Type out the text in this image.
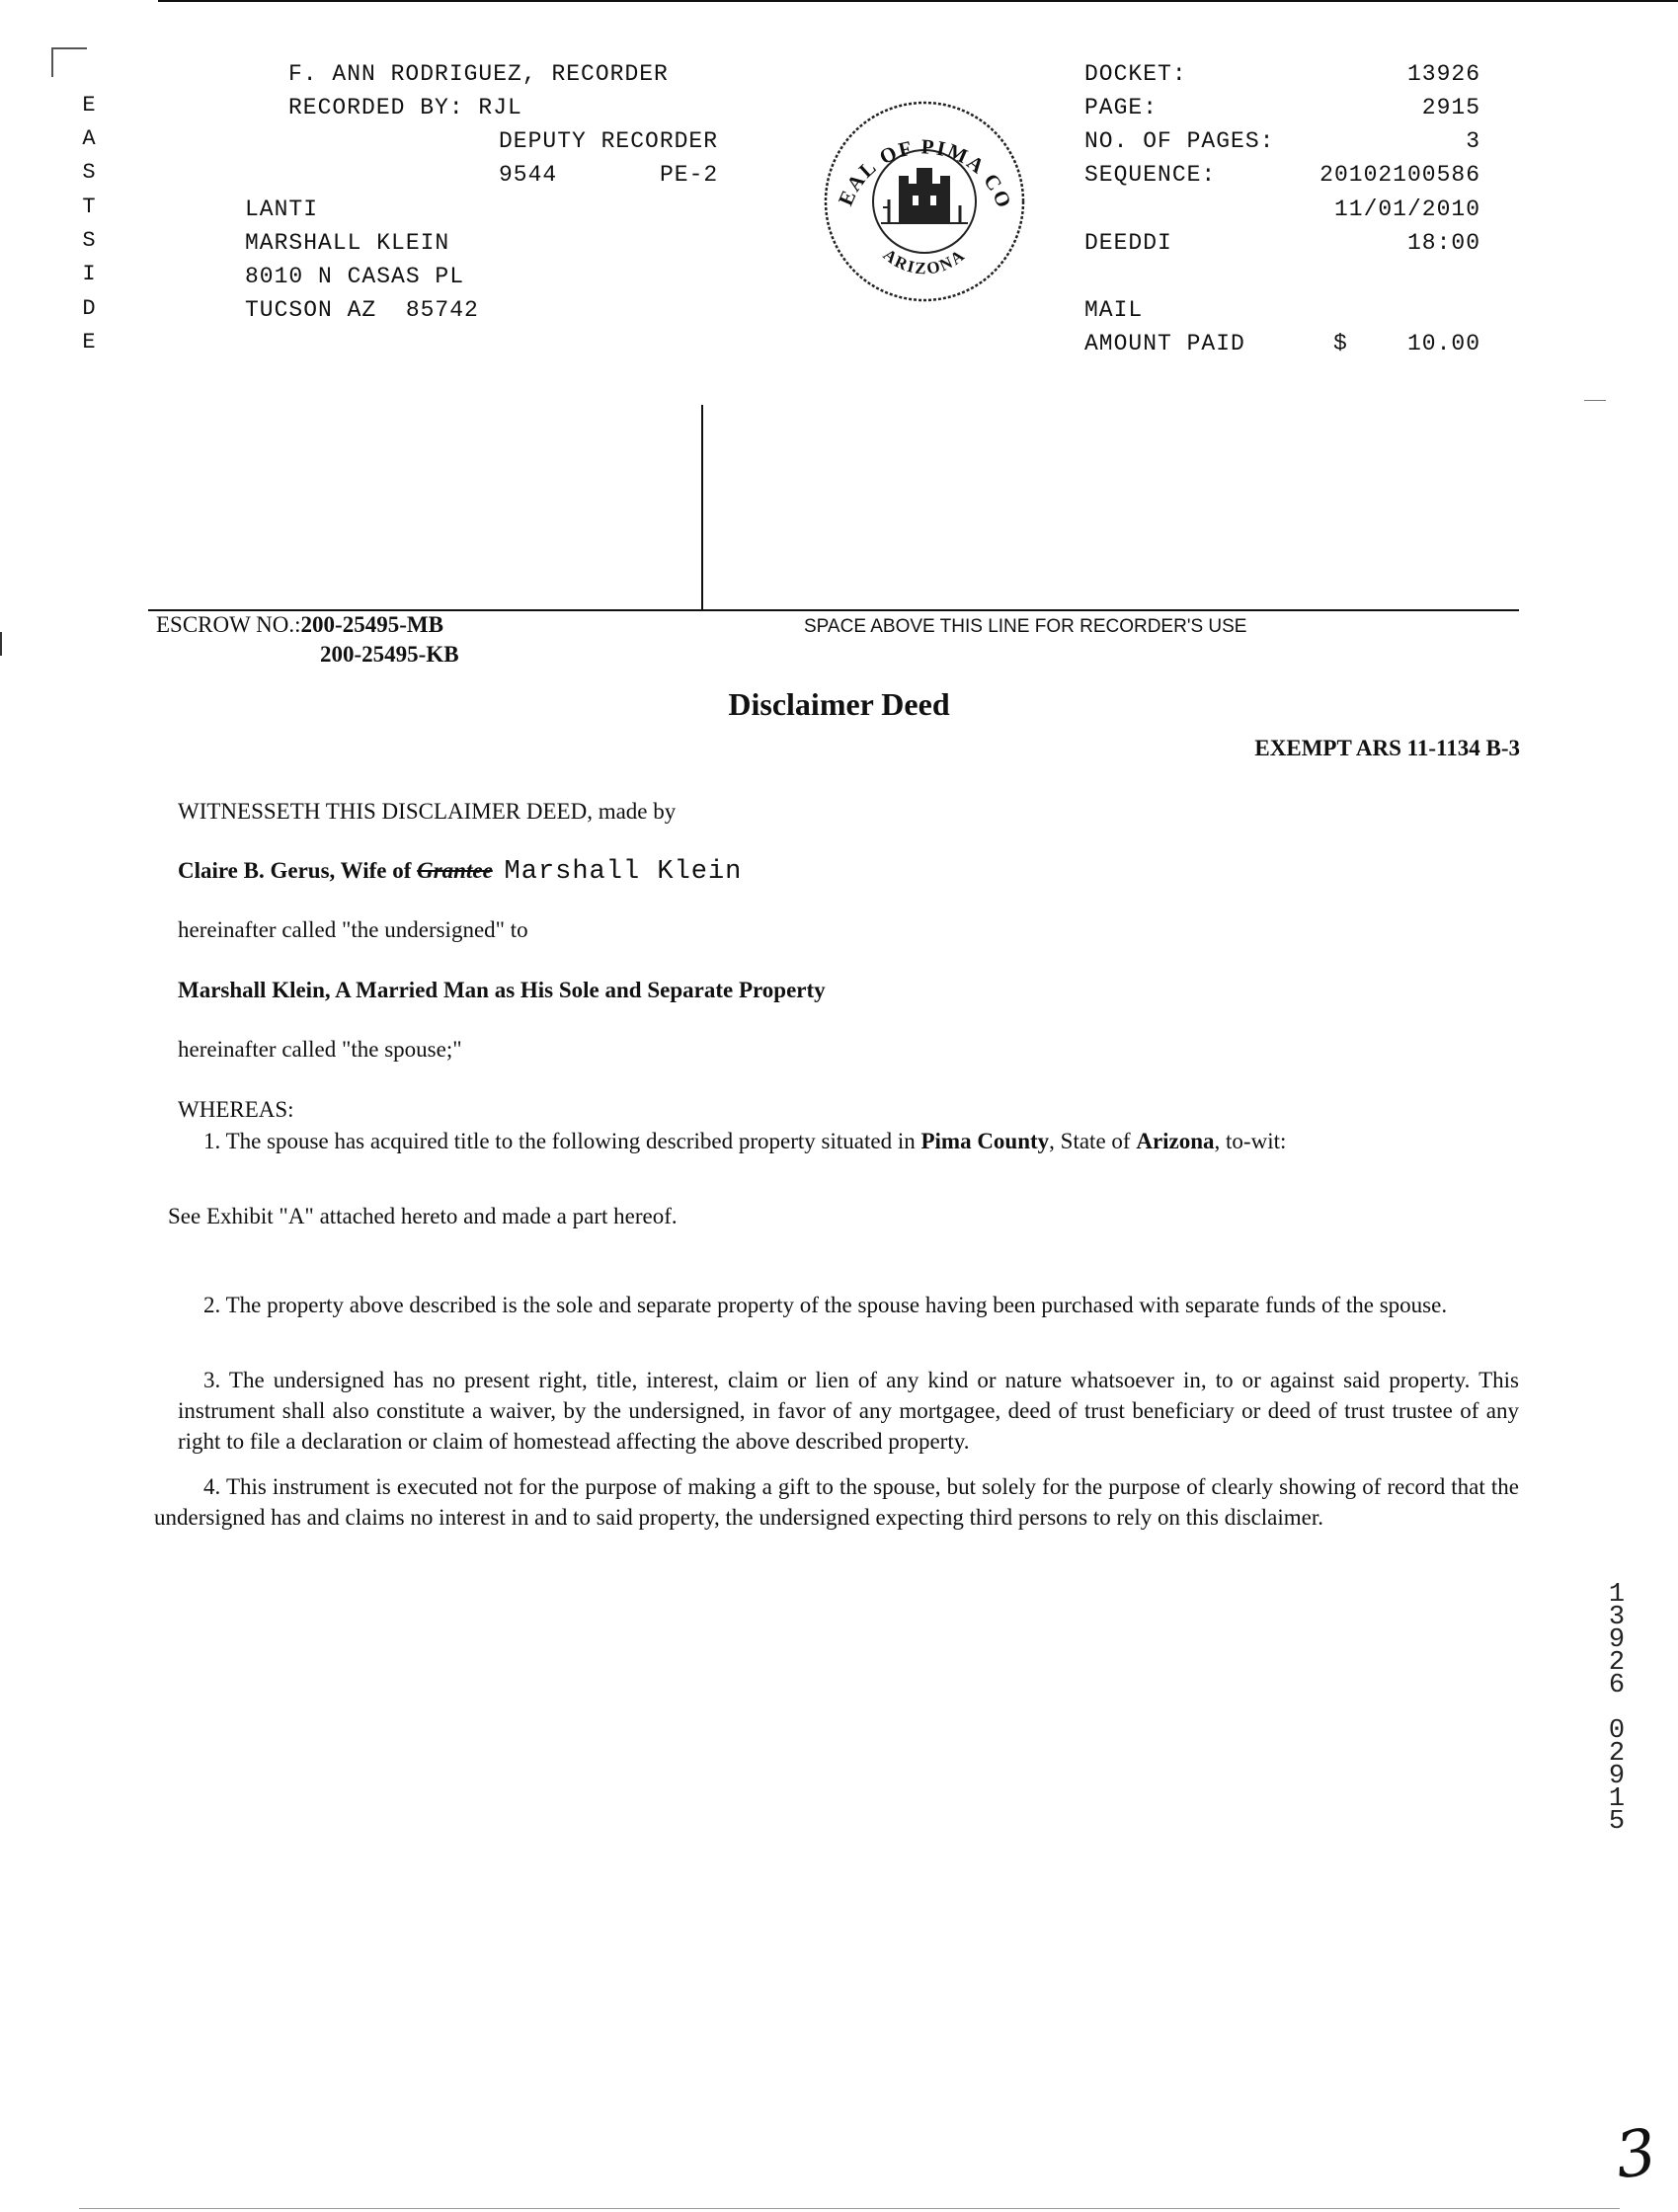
E
A
S
T
S
I
D
E
F. ANN RODRIGUEZ, RECORDER
RECORDED BY: RJL
DEPUTY RECORDER
9544	PE-2
LANTI
MARSHALL KLEIN
8010 N CASAS PL
TUCSON AZ  85742
EAL OF PIMA CO
ARIZONA
DOCKET:	13926
PAGE:	2915
NO. OF PAGES:	3
SEQUENCE:	20102100586
11/01/2010
DEEDDI	18:00
MAIL
AMOUNT PAID	$	10.00
ESCROW NO.:200-25495-MB
200-25495-KB
SPACE ABOVE THIS LINE FOR RECORDER'S USE
Disclaimer Deed
EXEMPT ARS 11-1134 B-3
WITNESSETH THIS DISCLAIMER DEED, made by
Claire B. Gerus, Wife of Grantee Marshall Klein
hereinafter called "the undersigned" to
Marshall Klein, A Married Man as His Sole and Separate Property
hereinafter called "the spouse;"
WHEREAS:
1. The spouse has acquired title to the following described property situated in Pima County, State of Arizona, to-wit:
See Exhibit "A" attached hereto and made a part hereof.
2. The property above described is the sole and separate property of the spouse having been purchased with separate funds of the spouse.
3. The undersigned has no present right, title, interest, claim or lien of any kind or nature whatsoever in, to or against said property. This instrument shall also constitute a waiver, by the undersigned, in favor of any mortgagee, deed of trust beneficiary or deed of trust trustee of any right to file a declaration or claim of homestead affecting the above described property.
4. This instrument is executed not for the purpose of making a gift to the spouse, but solely for the purpose of clearly showing of record that the undersigned has and claims no interest in and to said property, the undersigned expecting third persons to rely on this disclaimer.
1
3
9
2
6
0
2
9
1
5
3
